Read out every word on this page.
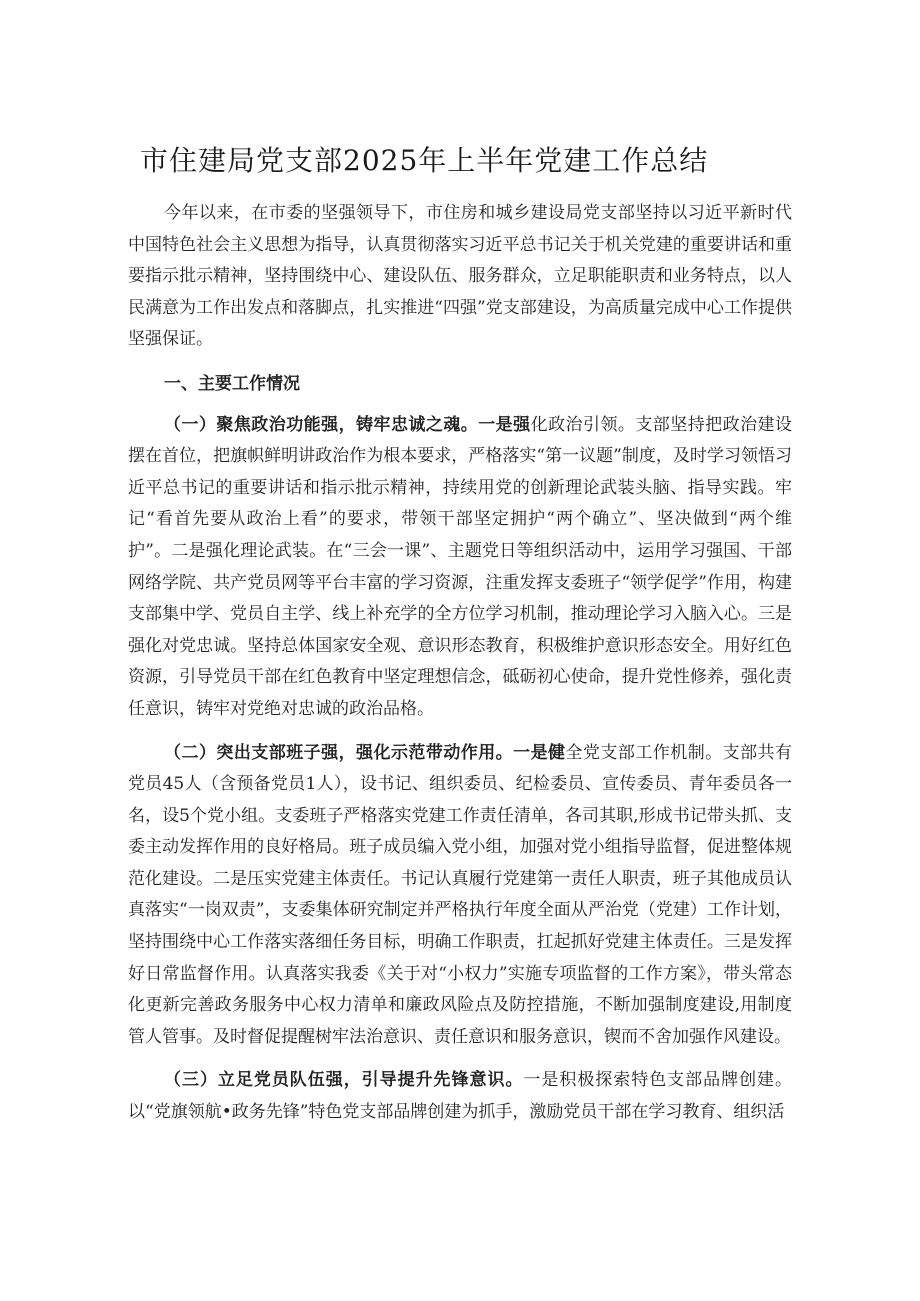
市住建局党支部2025年上半年党建工作总结

今年以来，在市委的坚强领导下，市住房和城乡建设局党支部坚持以习近平新时代中国特色社会主义思想为指导，认真贯彻落实习近平总书记关于机关党建的重要讲话和重要指示批示精神，坚持围绕中心、建设队伍、服务群众，立足职能职责和业务特点，以人民满意为工作出发点和落脚点，扎实推进“四强”党支部建设，为高质量完成中心工作提供坚强保证。

一、主要工作情况

（一）聚焦政治功能强，铸牢忠诚之魂。一是强化政治引领。支部坚持把政治建设摆在首位，把旗帜鲜明讲政治作为根本要求，严格落实“第一议题”制度，及时学习领悟习近平总书记的重要讲话和指示批示精神，持续用党的创新理论武装头脑、指导实践。牢记“看首先要从政治上看”的要求，带领干部坚定拥护“两个确立”、坚决做到“两个维护”。二是强化理论武装。在“三会一课”、主题党日等组织活动中，运用学习强国、干部网络学院、共产党员网等平台丰富的学习资源，注重发挥支委班子“领学促学”作用，构建支部集中学、党员自主学、线上补充学的全方位学习机制，推动理论学习入脑入心。三是强化对党忠诚。坚持总体国家安全观、意识形态教育，积极维护意识形态安全。用好红色资源，引导党员干部在红色教育中坚定理想信念，砥砺初心使命，提升党性修养，强化责任意识，铸牢对党绝对忠诚的政治品格。

（二）突出支部班子强，强化示范带动作用。一是健全党支部工作机制。支部共有党员45人（含预备党员1人），设书记、组织委员、纪检委员、宣传委员、青年委员各一名，设5个党小组。支委班子严格落实党建工作责任清单，各司其职,形成书记带头抓、支委主动发挥作用的良好格局。班子成员编入党小组，加强对党小组指导监督，促进整体规范化建设。二是压实党建主体责任。书记认真履行党建第一责任人职责，班子其他成员认真落实“一岗双责”，支委集体研究制定并严格执行年度全面从严治党（党建）工作计划，坚持围绕中心工作落实落细任务目标，明确工作职责，扛起抓好党建主体责任。三是发挥好日常监督作用。认真落实我委《关于对“小权力”实施专项监督的工作方案》，带头常态化更新完善政务服务中心权力清单和廉政风险点及防控措施，不断加强制度建设,用制度管人管事。及时督促提醒树牢法治意识、责任意识和服务意识，锲而不舍加强作风建设。

（三）立足党员队伍强，引导提升先锋意识。一是积极探索特色支部品牌创建。以“党旗领航•政务先锋”特色党支部品牌创建为抓手，激励党员干部在学习教育、组织活
